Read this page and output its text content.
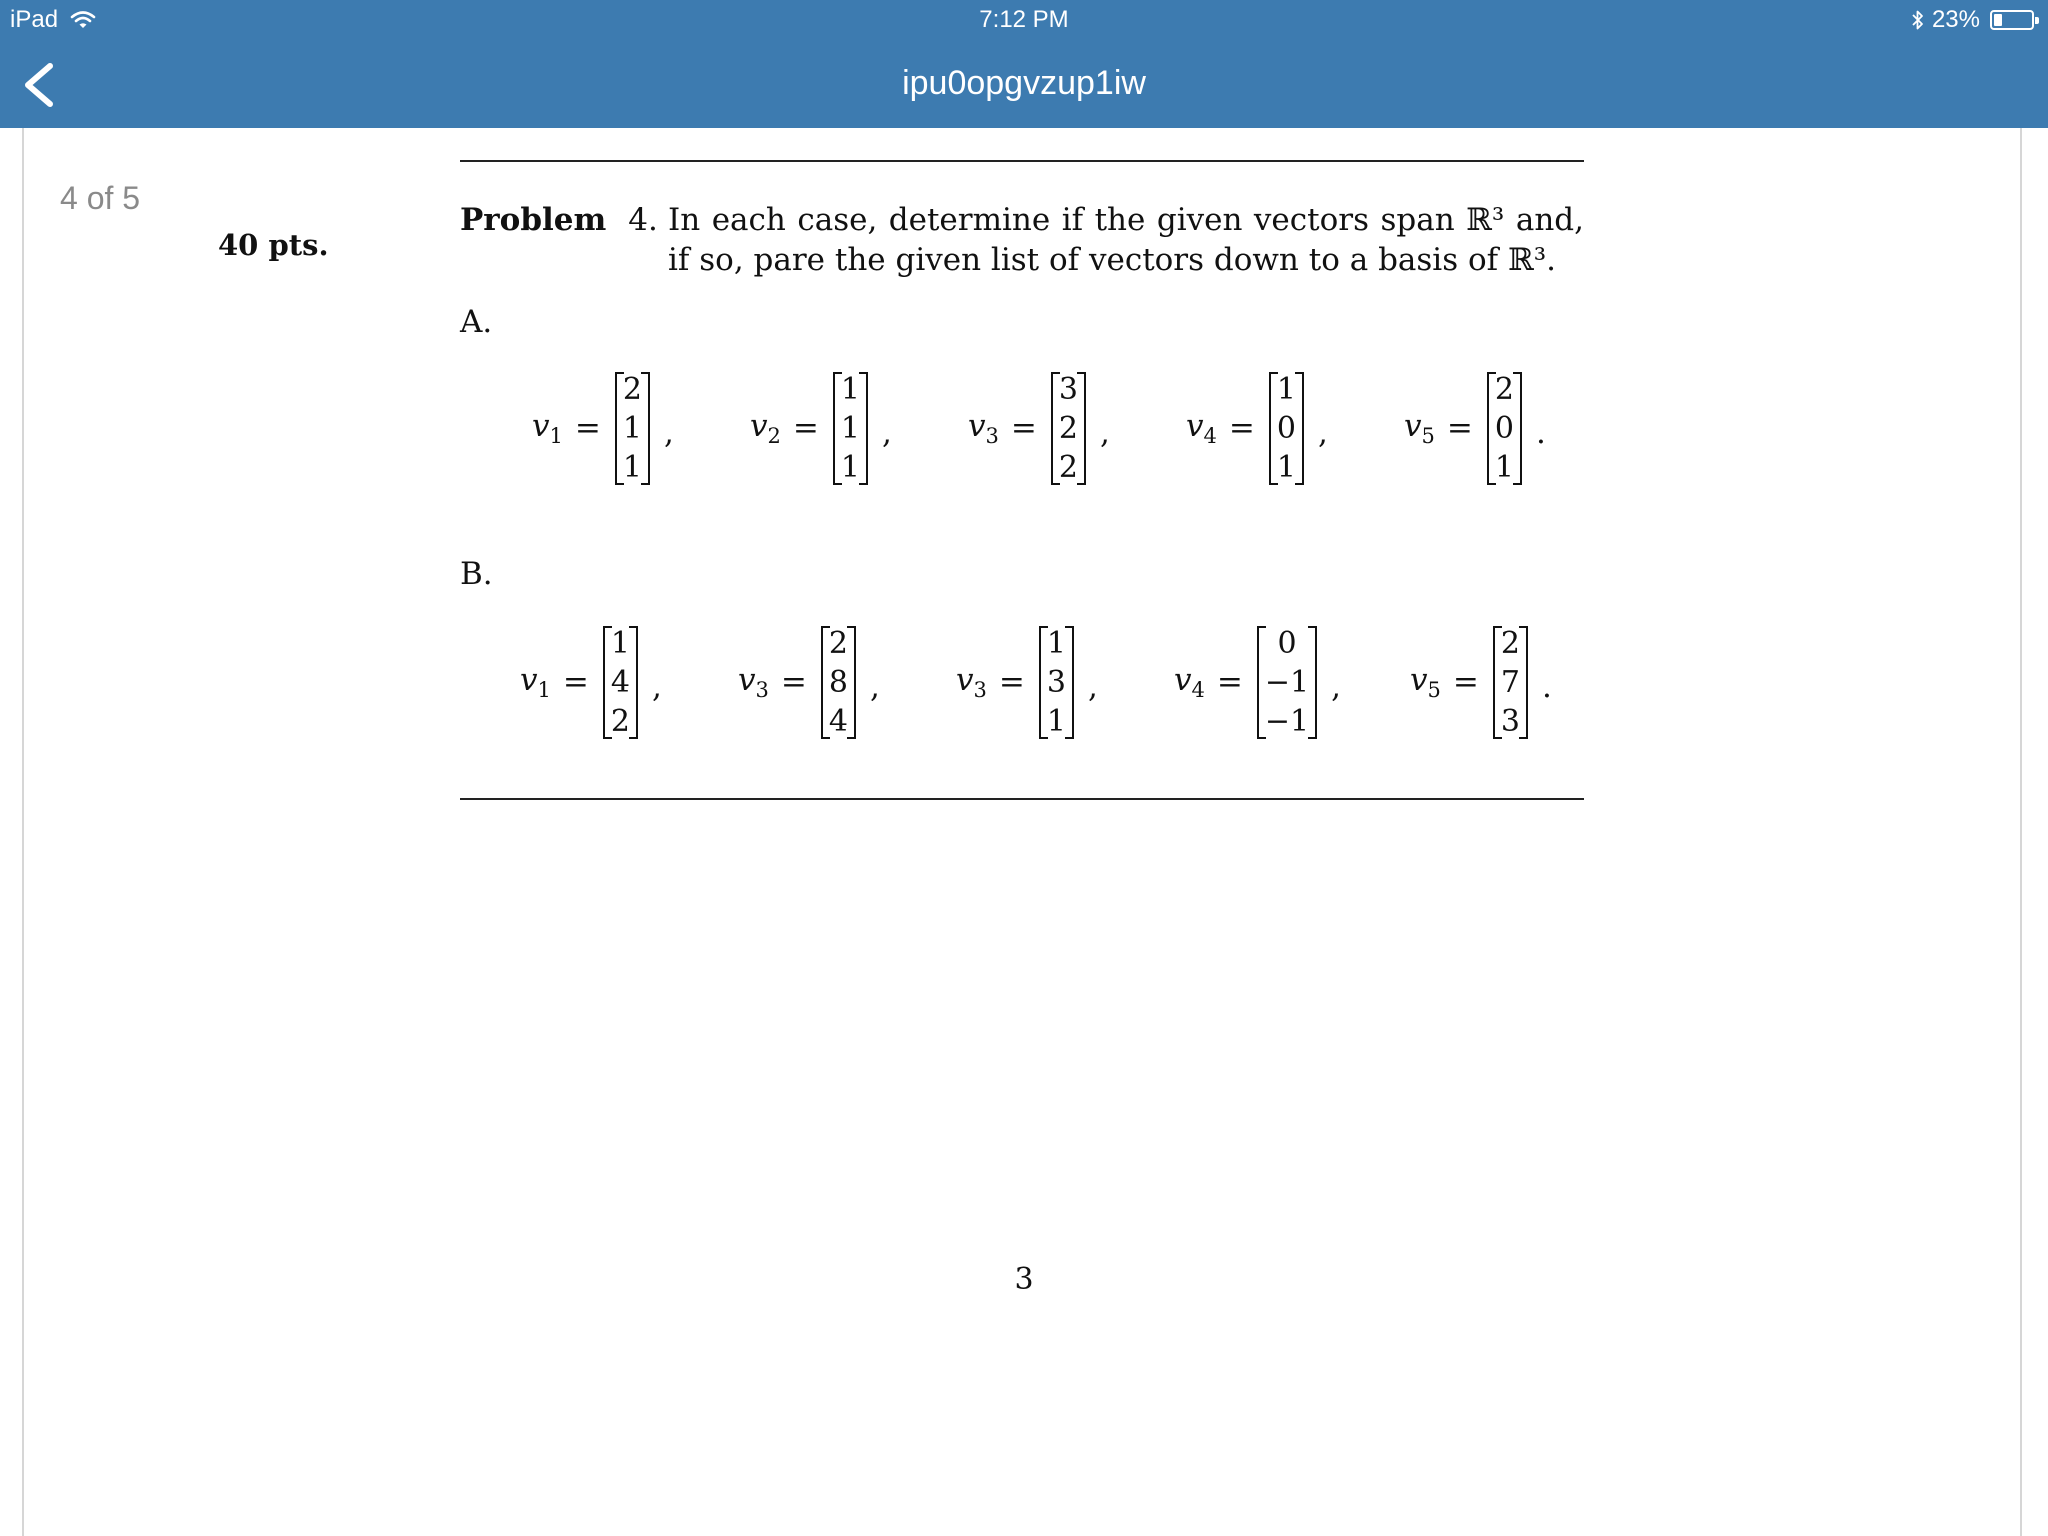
iPad	7:12 PM	23%
ipu0opgvzup1iw
4 of 5
40 pts.
Problem 4. In each case, determine if the given vectors span ℝ³ and, if so, pare the given list of vectors down to a basis of ℝ³.
A.
$v_1$ =
2
1
1
, $v_2$ =
1
1
1
, $v_3$ =
3
2
2
, $v_4$ =
1
0
1
, $v_5$ =
2
0
1
.
B.
$v_1$ =
1
4
2
, $v_3$ =
2
8
4
, $v_3$ =
1
3
1
, $v_4$ =
0
−1
−1
, $v_5$ =
2
7
3
.
3
